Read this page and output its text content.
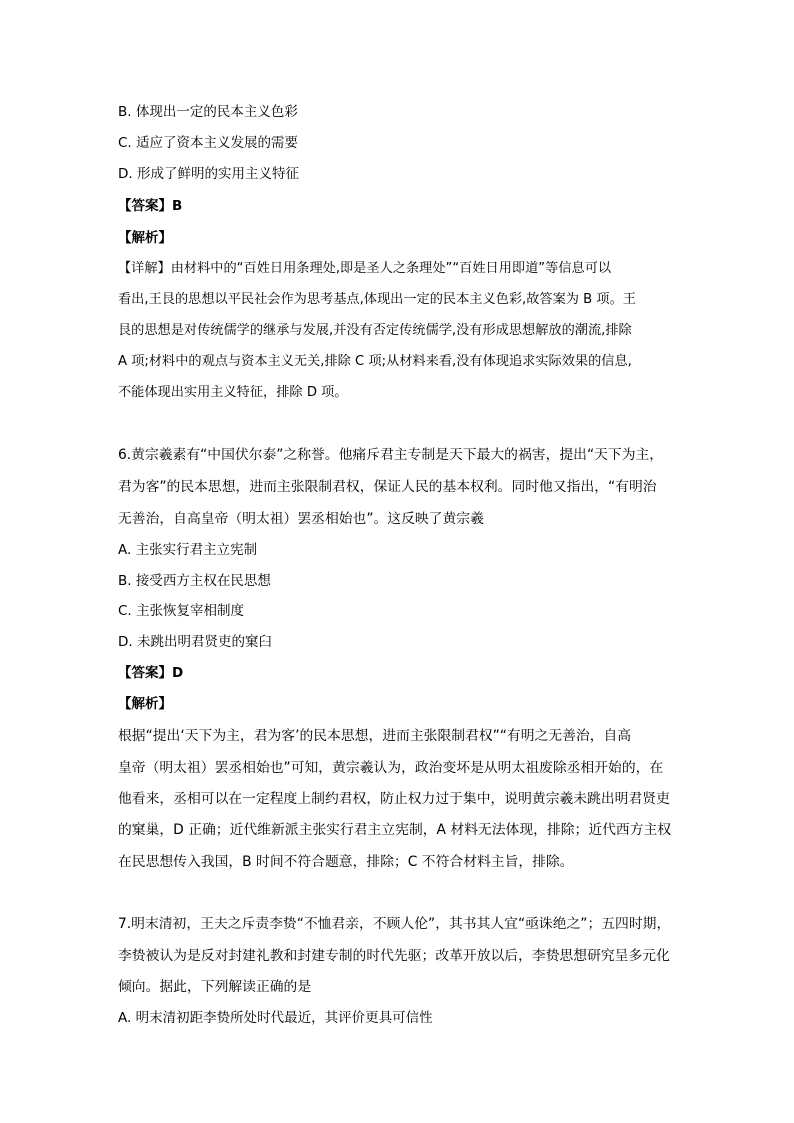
B. 体现出一定的民本主义色彩
C. 适应了资本主义发展的需要
D. 形成了鲜明的实用主义特征
【答案】B
【解析】
【详解】由材料中的“百姓日用条理处,即是圣人之条理处”“百姓日用即道”等信息可以
看出,王艮的思想以平民社会作为思考基点,体现出一定的民本主义色彩,故答案为 B 项。王
艮的思想是对传统儒学的继承与发展,并没有否定传统儒学,没有形成思想解放的潮流,排除
A 项;材料中的观点与资本主义无关,排除 C 项;从材料来看,没有体现追求实际效果的信息,
不能体现出实用主义特征，排除 D 项。
6.黄宗羲素有“中国伏尔泰”之称誉。他痛斥君主专制是天下最大的祸害，提出“天下为主，
君为客”的民本思想，进而主张限制君权，保证人民的基本权利。同时他又指出，“有明治
无善治，自高皇帝（明太祖）罢丞相始也”。这反映了黄宗羲
A. 主张实行君主立宪制
B. 接受西方主权在民思想
C. 主张恢复宰相制度
D. 未跳出明君贤吏的窠臼
【答案】D
【解析】
根据“提出‘天下为主，君为客’的民本思想，进而主张限制君权”“有明之无善治，自高
皇帝（明太祖）罢丞相始也”可知，黄宗羲认为，政治变坏是从明太祖废除丞相开始的，在
他看来，丞相可以在一定程度上制约君权，防止权力过于集中，说明黄宗羲未跳出明君贤吏
的窠巢，D 正确；近代维新派主张实行君主立宪制，A 材料无法体现，排除；近代西方主权
在民思想传入我国，B 时间不符合题意，排除；C 不符合材料主旨，排除。
7.明末清初，王夫之斥责李贽“不恤君亲，不顾人伦”，其书其人宜“亟诛绝之”；五四时期，
李贽被认为是反对封建礼教和封建专制的时代先驱；改革开放以后，李贽思想研究呈多元化
倾向。据此，下列解读正确的是
A. 明末清初距李贽所处时代最近，其评价更具可信性
